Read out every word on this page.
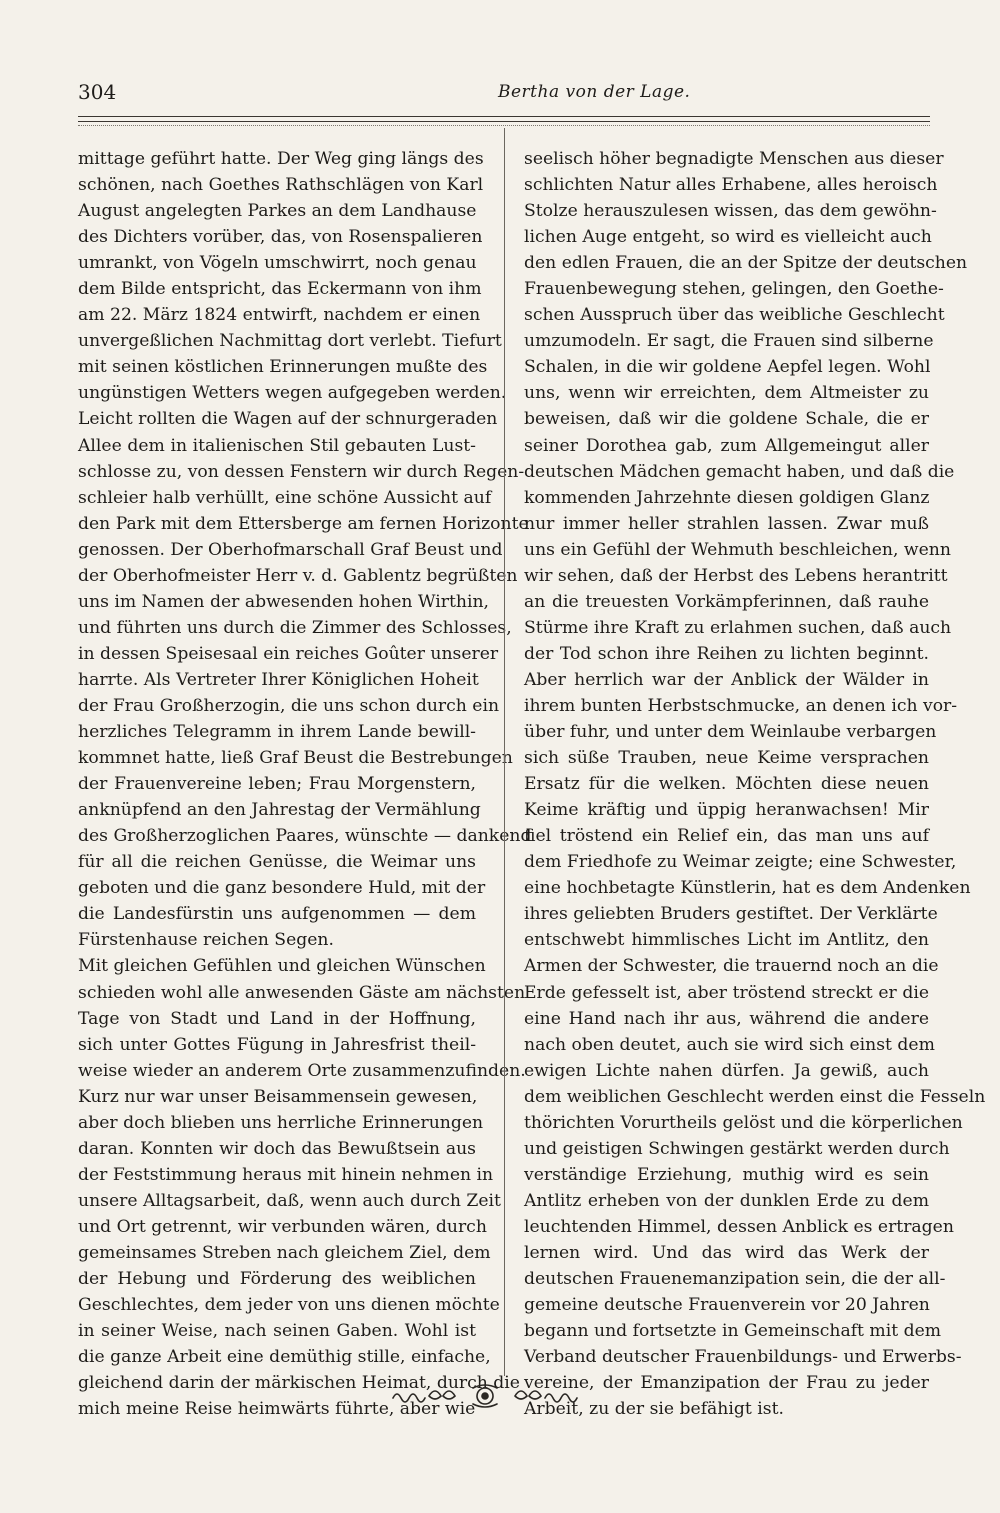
304	Bertha von der Lage.
mittage geführt hatte. Der Weg ging längs des
schönen, nach Goethes Rathschlägen von Karl
August angelegten Parkes an dem Landhause
des Dichters vorüber, das, von Rosenspalieren
umrankt, von Vögeln umschwirrt, noch genau
dem Bilde entspricht, das Eckermann von ihm
am 22. März 1824 entwirft, nachdem er einen
unvergeßlichen Nachmittag dort verlebt. Tiefurt
mit seinen köstlichen Erinnerungen mußte des
ungünstigen Wetters wegen aufgegeben werden.
Leicht rollten die Wagen auf der schnurgeraden
Allee dem in italienischen Stil gebauten Lust-
schlosse zu, von dessen Fenstern wir durch Regen-
schleier halb verhüllt, eine schöne Aussicht auf
den Park mit dem Ettersberge am fernen Horizonte
genossen. Der Oberhofmarschall Graf Beust und
der Oberhofmeister Herr v. d. Gablentz begrüßten
uns im Namen der abwesenden hohen Wirthin,
und führten uns durch die Zimmer des Schlosses,
in dessen Speisesaal ein reiches Goûter unserer
harrte. Als Vertreter Ihrer Königlichen Hoheit
der Frau Großherzogin, die uns schon durch ein
herzliches Telegramm in ihrem Lande bewill-
kommnet hatte, ließ Graf Beust die Bestrebungen
der Frauenvereine leben; Frau Morgenstern,
anknüpfend an den Jahrestag der Vermählung
des Großherzoglichen Paares, wünschte — dankend
für all die reichen Genüsse, die Weimar uns
geboten und die ganz besondere Huld, mit der
die Landesfürstin uns aufgenommen — dem
Fürstenhause reichen Segen.
Mit gleichen Gefühlen und gleichen Wünschen
schieden wohl alle anwesenden Gäste am nächsten
Tage von Stadt und Land in der Hoffnung,
sich unter Gottes Fügung in Jahresfrist theil-
weise wieder an anderem Orte zusammenzufinden.
Kurz nur war unser Beisammensein gewesen,
aber doch blieben uns herrliche Erinnerungen
daran. Konnten wir doch das Bewußtsein aus
der Feststimmung heraus mit hinein nehmen in
unsere Alltagsarbeit, daß, wenn auch durch Zeit
und Ort getrennt, wir verbunden wären, durch
gemeinsames Streben nach gleichem Ziel, dem
der Hebung und Förderung des weiblichen
Geschlechtes, dem jeder von uns dienen möchte
in seiner Weise, nach seinen Gaben. Wohl ist
die ganze Arbeit eine demüthig stille, einfache,
gleichend darin der märkischen Heimat, durch die
mich meine Reise heimwärts führte, aber wie
seelisch höher begnadigte Menschen aus dieser
schlichten Natur alles Erhabene, alles heroisch
Stolze herauszulesen wissen, das dem gewöhn-
lichen Auge entgeht, so wird es vielleicht auch
den edlen Frauen, die an der Spitze der deutschen
Frauenbewegung stehen, gelingen, den Goethe-
schen Ausspruch über das weibliche Geschlecht
umzumodeln. Er sagt, die Frauen sind silberne
Schalen, in die wir goldene Aepfel legen. Wohl
uns, wenn wir erreichten, dem Altmeister zu
beweisen, daß wir die goldene Schale, die er
seiner Dorothea gab, zum Allgemeingut aller
deutschen Mädchen gemacht haben, und daß die
kommenden Jahrzehnte diesen goldigen Glanz
nur immer heller strahlen lassen. Zwar muß
uns ein Gefühl der Wehmuth beschleichen, wenn
wir sehen, daß der Herbst des Lebens herantritt
an die treuesten Vorkämpferinnen, daß rauhe
Stürme ihre Kraft zu erlahmen suchen, daß auch
der Tod schon ihre Reihen zu lichten beginnt.
Aber herrlich war der Anblick der Wälder in
ihrem bunten Herbstschmucke, an denen ich vor-
über fuhr, und unter dem Weinlaube verbargen
sich süße Trauben, neue Keime versprachen
Ersatz für die welken. Möchten diese neuen
Keime kräftig und üppig heranwachsen! Mir
fiel tröstend ein Relief ein, das man uns auf
dem Friedhofe zu Weimar zeigte; eine Schwester,
eine hochbetagte Künstlerin, hat es dem Andenken
ihres geliebten Bruders gestiftet. Der Verklärte
entschwebt himmlisches Licht im Antlitz, den
Armen der Schwester, die trauernd noch an die
Erde gefesselt ist, aber tröstend streckt er die
eine Hand nach ihr aus, während die andere
nach oben deutet, auch sie wird sich einst dem
ewigen Lichte nahen dürfen. Ja gewiß, auch
dem weiblichen Geschlecht werden einst die Fesseln
thörichten Vorurtheils gelöst und die körperlichen
und geistigen Schwingen gestärkt werden durch
verständige Erziehung, muthig wird es sein
Antlitz erheben von der dunklen Erde zu dem
leuchtenden Himmel, dessen Anblick es ertragen
lernen wird. Und das wird das Werk der
deutschen Frauenemanzipation sein, die der all-
gemeine deutsche Frauenverein vor 20 Jahren
begann und fortsetzte in Gemeinschaft mit dem
Verband deutscher Frauenbildungs- und Erwerbs-
vereine, der Emanzipation der Frau zu jeder
Arbeit, zu der sie befähigt ist.
